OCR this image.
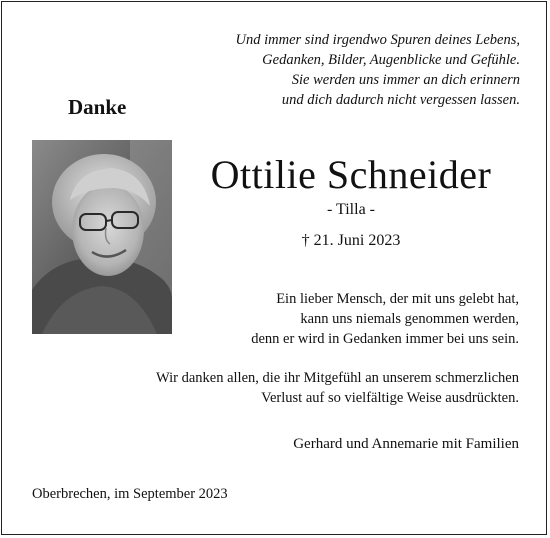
Und immer sind irgendwo Spuren deines Lebens,
Gedanken, Bilder, Augenblicke und Gefühle.
Sie werden uns immer an dich erinnern
und dich dadurch nicht vergessen lassen.
Danke
Ottilie Schneider
- Tilla -
† 21. Juni 2023
Ein lieber Mensch, der mit uns gelebt hat,
kann uns niemals genommen werden,
denn er wird in Gedanken immer bei uns sein.
Wir danken allen, die ihr Mitgefühl an unserem schmerzlichen
Verlust auf so vielfältige Weise ausdrückten.
Gerhard und Annemarie mit Familien
Oberbrechen, im September 2023
